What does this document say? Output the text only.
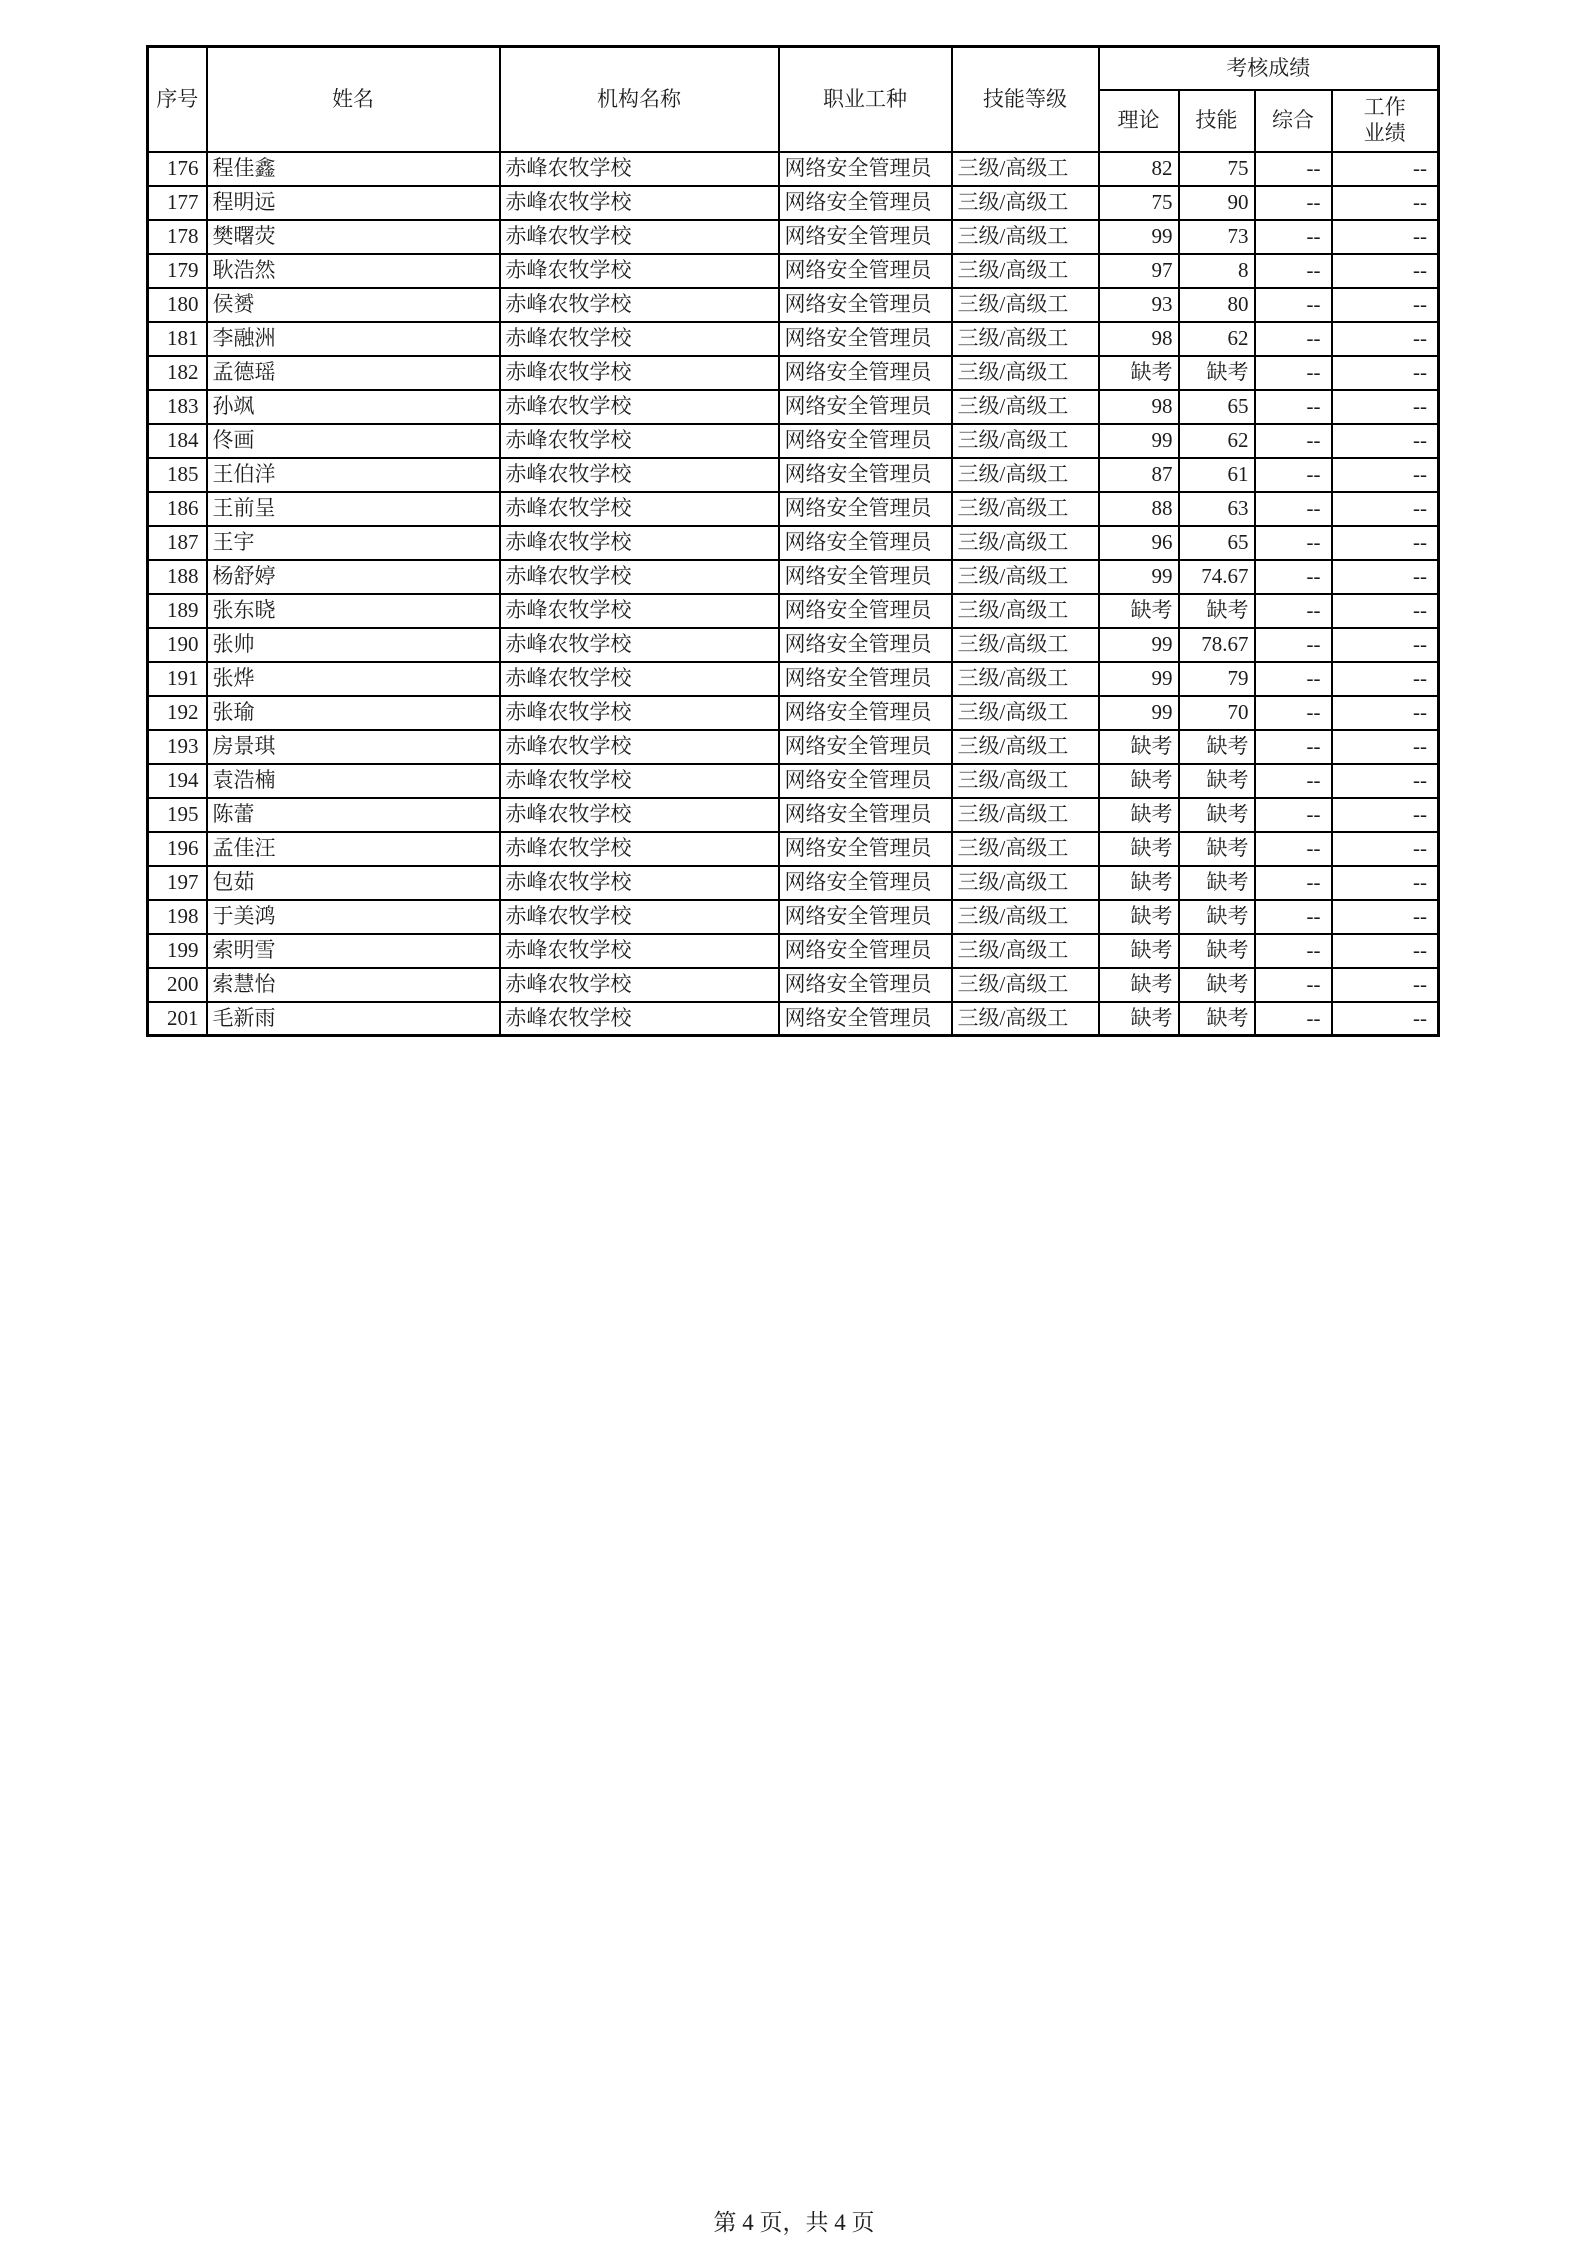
序号	姓名	机构名称	职业工种	技能等级	考核成绩			
					理论	技能	综合	工作
业绩

176	程佳鑫	赤峰农牧学校	网络安全管理员	三级/高级工	82	75	--	--
177	程明远	赤峰农牧学校	网络安全管理员	三级/高级工	75	90	--	--
178	樊曙荧	赤峰农牧学校	网络安全管理员	三级/高级工	99	73	--	--
179	耿浩然	赤峰农牧学校	网络安全管理员	三级/高级工	97	8	--	--
180	侯赟	赤峰农牧学校	网络安全管理员	三级/高级工	93	80	--	--
181	李融洲	赤峰农牧学校	网络安全管理员	三级/高级工	98	62	--	--
182	孟德瑶	赤峰农牧学校	网络安全管理员	三级/高级工	缺考	缺考	--	--
183	孙飒	赤峰农牧学校	网络安全管理员	三级/高级工	98	65	--	--
184	佟画	赤峰农牧学校	网络安全管理员	三级/高级工	99	62	--	--
185	王伯洋	赤峰农牧学校	网络安全管理员	三级/高级工	87	61	--	--
186	王前呈	赤峰农牧学校	网络安全管理员	三级/高级工	88	63	--	--
187	王宇	赤峰农牧学校	网络安全管理员	三级/高级工	96	65	--	--
188	杨舒婷	赤峰农牧学校	网络安全管理员	三级/高级工	99	74.67	--	--
189	张东晓	赤峰农牧学校	网络安全管理员	三级/高级工	缺考	缺考	--	--
190	张帅	赤峰农牧学校	网络安全管理员	三级/高级工	99	78.67	--	--
191	张烨	赤峰农牧学校	网络安全管理员	三级/高级工	99	79	--	--
192	张瑜	赤峰农牧学校	网络安全管理员	三级/高级工	99	70	--	--
193	房景琪	赤峰农牧学校	网络安全管理员	三级/高级工	缺考	缺考	--	--
194	袁浩楠	赤峰农牧学校	网络安全管理员	三级/高级工	缺考	缺考	--	--
195	陈蕾	赤峰农牧学校	网络安全管理员	三级/高级工	缺考	缺考	--	--
196	孟佳汪	赤峰农牧学校	网络安全管理员	三级/高级工	缺考	缺考	--	--
197	包茹	赤峰农牧学校	网络安全管理员	三级/高级工	缺考	缺考	--	--
198	于美鸿	赤峰农牧学校	网络安全管理员	三级/高级工	缺考	缺考	--	--
199	索明雪	赤峰农牧学校	网络安全管理员	三级/高级工	缺考	缺考	--	--
200	索慧怡	赤峰农牧学校	网络安全管理员	三级/高级工	缺考	缺考	--	--
201	毛新雨	赤峰农牧学校	网络安全管理员	三级/高级工	缺考	缺考	--	--
第 4 页，共 4 页
